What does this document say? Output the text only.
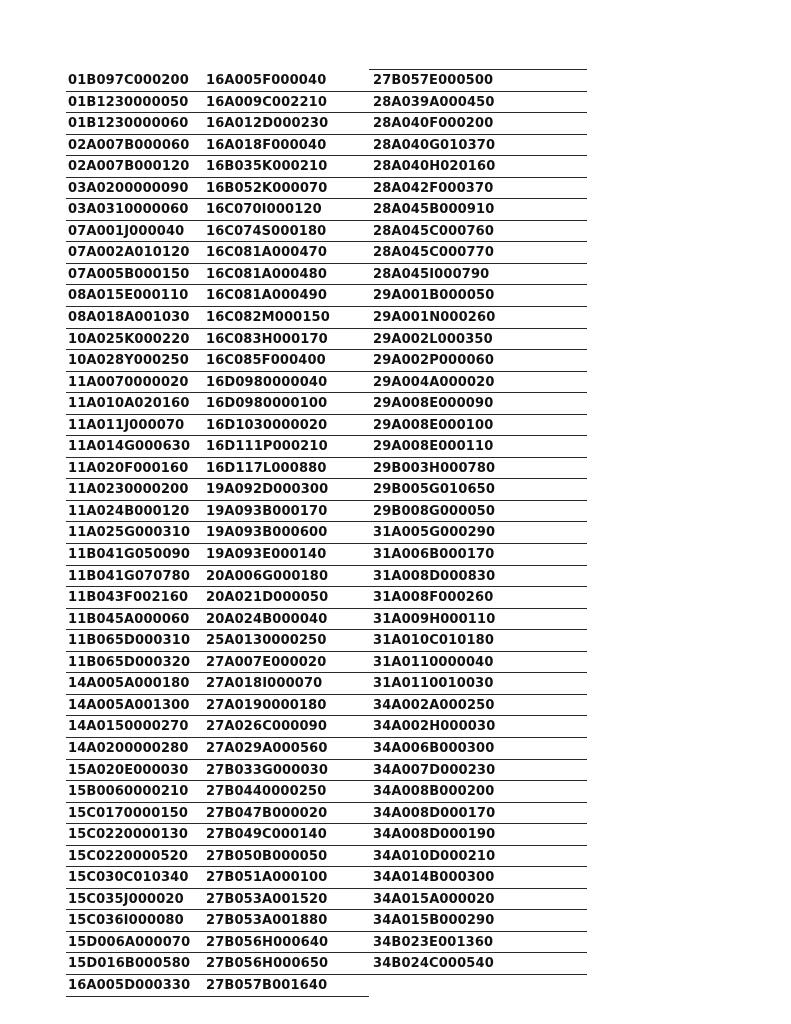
01B097C000200
01B1230000050
01B1230000060
02A007B000060
02A007B000120
03A0200000090
03A0310000060
07A001J000040
07A002A010120
07A005B000150
08A015E000110
08A018A001030
10A025K000220
10A028Y000250
11A0070000020
11A010A020160
11A011J000070
11A014G000630
11A020F000160
11A0230000200
11A024B000120
11A025G000310
11B041G050090
11B041G070780
11B043F002160
11B045A000060
11B065D000310
11B065D000320
14A005A000180
14A005A001300
14A0150000270
14A0200000280
15A020E000030
15B0060000210
15C0170000150
15C0220000130
15C0220000520
15C030C010340
15C035J000020
15C036I000080
15D006A000070
15D016B000580
16A005D000330
16A005F000040
16A009C002210
16A012D000230
16A018F000040
16B035K000210
16B052K000070
16C070I000120
16C074S000180
16C081A000470
16C081A000480
16C081A000490
16C082M000150
16C083H000170
16C085F000400
16D0980000040
16D0980000100
16D1030000020
16D111P000210
16D117L000880
19A092D000300
19A093B000170
19A093B000600
19A093E000140
20A006G000180
20A021D000050
20A024B000040
25A0130000250
27A007E000020
27A018I000070
27A0190000180
27A026C000090
27A029A000560
27B033G000030
27B0440000250
27B047B000020
27B049C000140
27B050B000050
27B051A000100
27B053A001520
27B053A001880
27B056H000640
27B056H000650
27B057B001640
27B057E000500
28A039A000450
28A040F000200
28A040G010370
28A040H020160
28A042F000370
28A045B000910
28A045C000760
28A045C000770
28A045I000790
29A001B000050
29A001N000260
29A002L000350
29A002P000060
29A004A000020
29A008E000090
29A008E000100
29A008E000110
29B003H000780
29B005G010650
29B008G000050
31A005G000290
31A006B000170
31A008D000830
31A008F000260
31A009H000110
31A010C010180
31A0110000040
31A0110010030
34A002A000250
34A002H000030
34A006B000300
34A007D000230
34A008B000200
34A008D000170
34A008D000190
34A010D000210
34A014B000300
34A015A000020
34A015B000290
34B023E001360
34B024C000540
